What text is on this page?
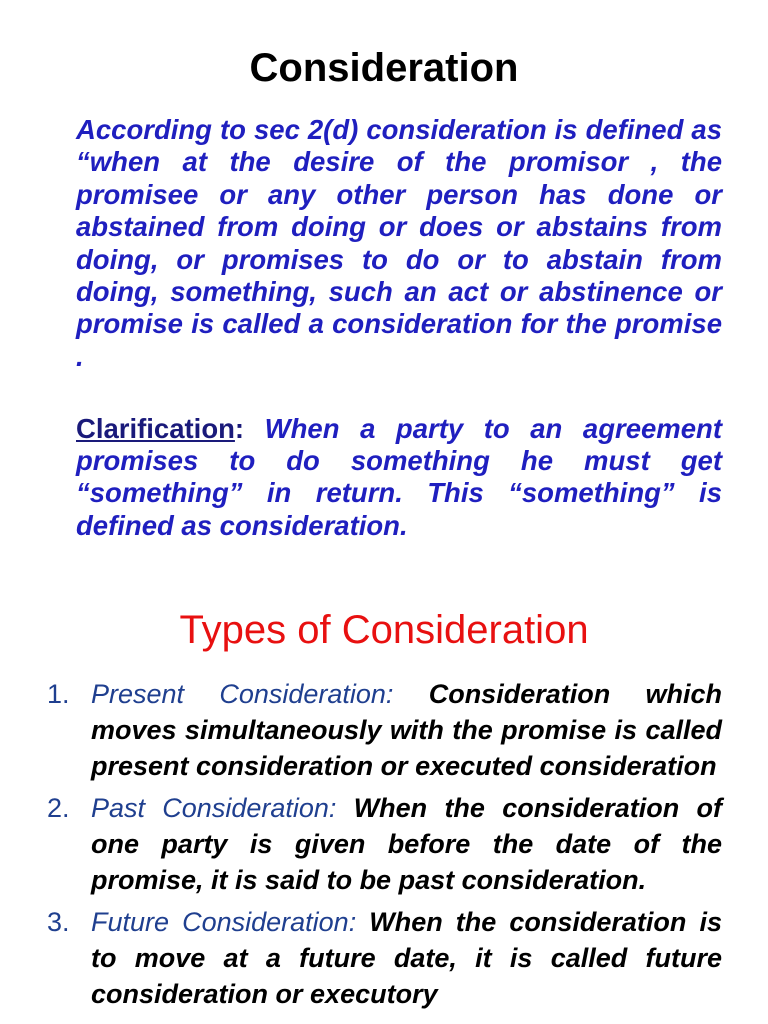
Consideration

According to sec 2(d) consideration is defined as “when at the desire of the promisor , the promisee or any other person has done or abstained from doing or does or abstains from doing, or promises to do or to abstain from doing, something, such an act or abstinence or promise is called a consideration for the promise .

Clarification: When a party to an agreement promises to do something he must get “something” in return. This “something” is defined as consideration.

Types of Consideration
1. Present Consideration: Consideration which moves simultaneously with the promise is called present consideration or executed consideration
2. Past Consideration: When the consideration of one party is given before the date of the promise, it is said to be past consideration.
3. Future Consideration: When the consideration is to move at a future date, it is called future consideration or executory
